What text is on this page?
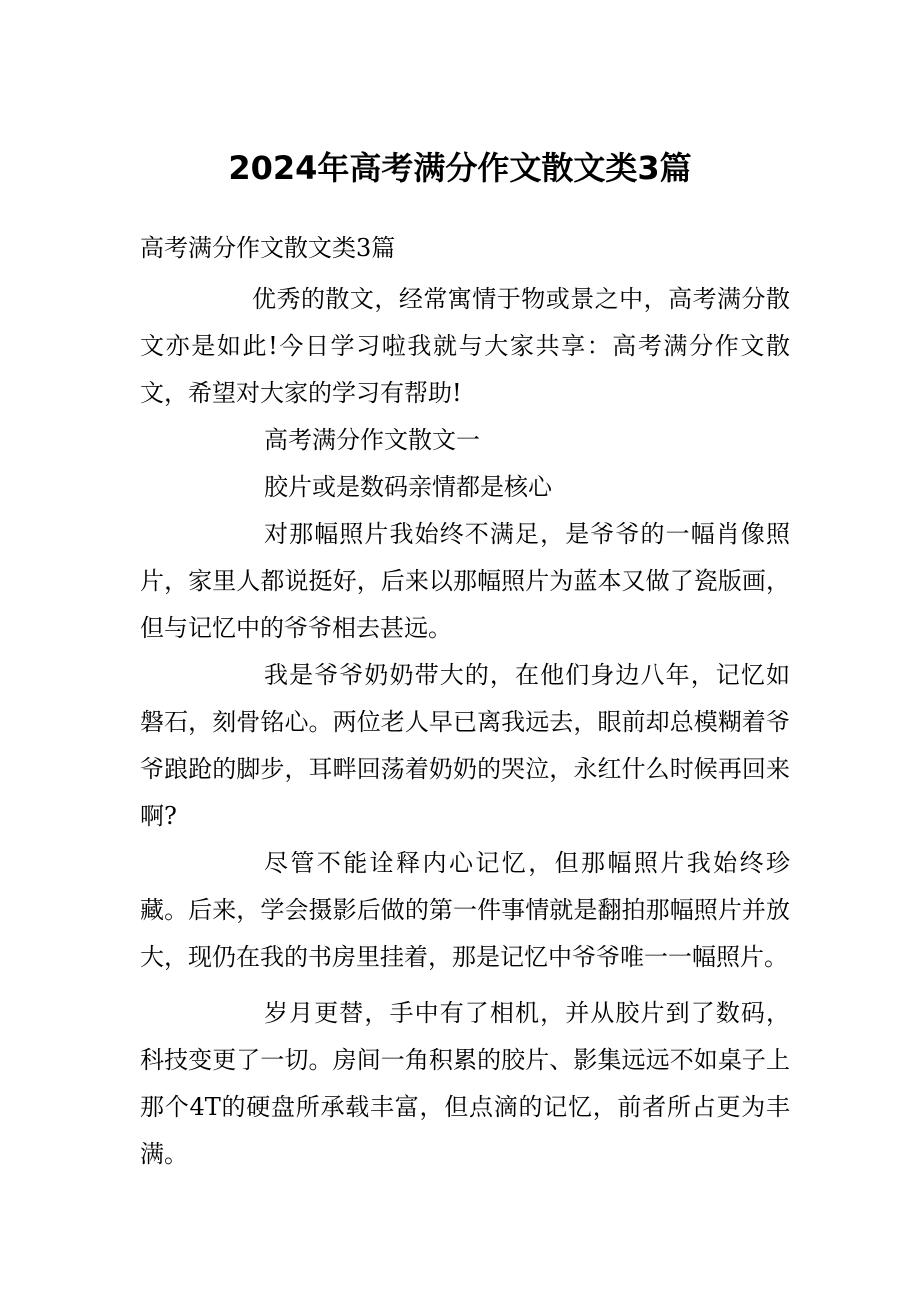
2024年高考满分作文散文类3篇

高考满分作文散文类3篇

优秀的散文，经常寓情于物或景之中，高考满分散文亦是如此!今日学习啦我就与大家共享：高考满分作文散文，希望对大家的学习有帮助!

高考满分作文散文一

胶片或是数码亲情都是核心

对那幅照片我始终不满足，是爷爷的一幅肖像照片，家里人都说挺好，后来以那幅照片为蓝本又做了瓷版画，但与记忆中的爷爷相去甚远。

我是爷爷奶奶带大的，在他们身边八年，记忆如磐石，刻骨铭心。两位老人早已离我远去，眼前却总模糊着爷爷踉跄的脚步，耳畔回荡着奶奶的哭泣，永红什么时候再回来啊?

尽管不能诠释内心记忆，但那幅照片我始终珍藏。后来，学会摄影后做的第一件事情就是翻拍那幅照片并放大，现仍在我的书房里挂着，那是记忆中爷爷唯一一幅照片。

岁月更替，手中有了相机，并从胶片到了数码，科技变更了一切。房间一角积累的胶片、影集远远不如桌子上那个4T的硬盘所承载丰富，但点滴的记忆，前者所占更为丰满。
